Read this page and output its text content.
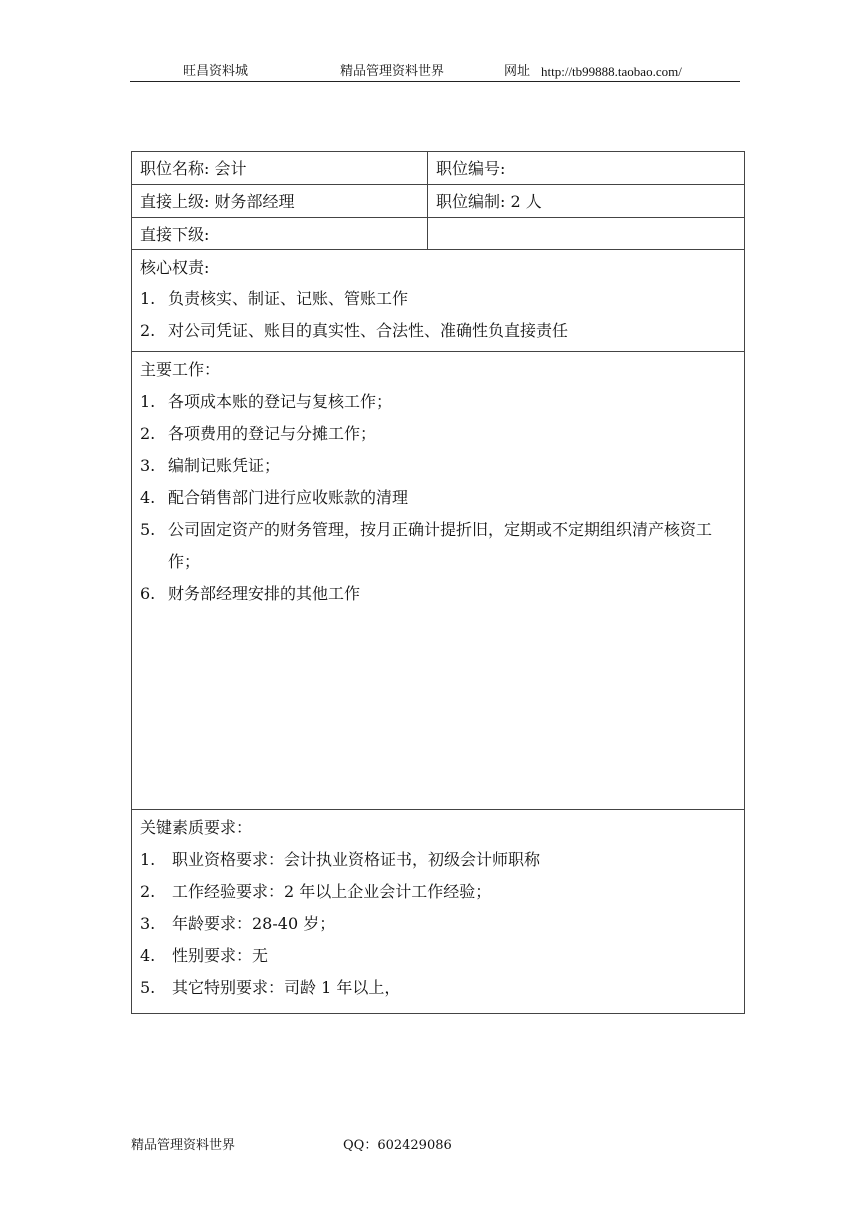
旺昌资料城	精品管理资料世界	网址 http://tb99888.taobao.com/
职位名称: 会计	职位编号:
直接上级: 财务部经理	职位编制: 2 人
直接下级:
核心权责:
1. 负责核实、制证、记账、管账工作
2. 对公司凭证、账目的真实性、合法性、准确性负直接责任
主要工作：
1. 各项成本账的登记与复核工作；
2. 各项费用的登记与分摊工作；
3. 编制记账凭证；
4. 配合销售部门进行应收账款的清理
5. 公司固定资产的财务管理，按月正确计提折旧，定期或不定期组织清产核资工作；
6. 财务部经理安排的其他工作
关键素质要求：
1.	职业资格要求：会计执业资格证书，初级会计师职称
2.	工作经验要求：2 年以上企业会计工作经验；
3.	年龄要求：28-40 岁；
4.	性别要求：无
5.	其它特别要求：司龄 1 年以上，
精品管理资料世界	QQ：602429086
